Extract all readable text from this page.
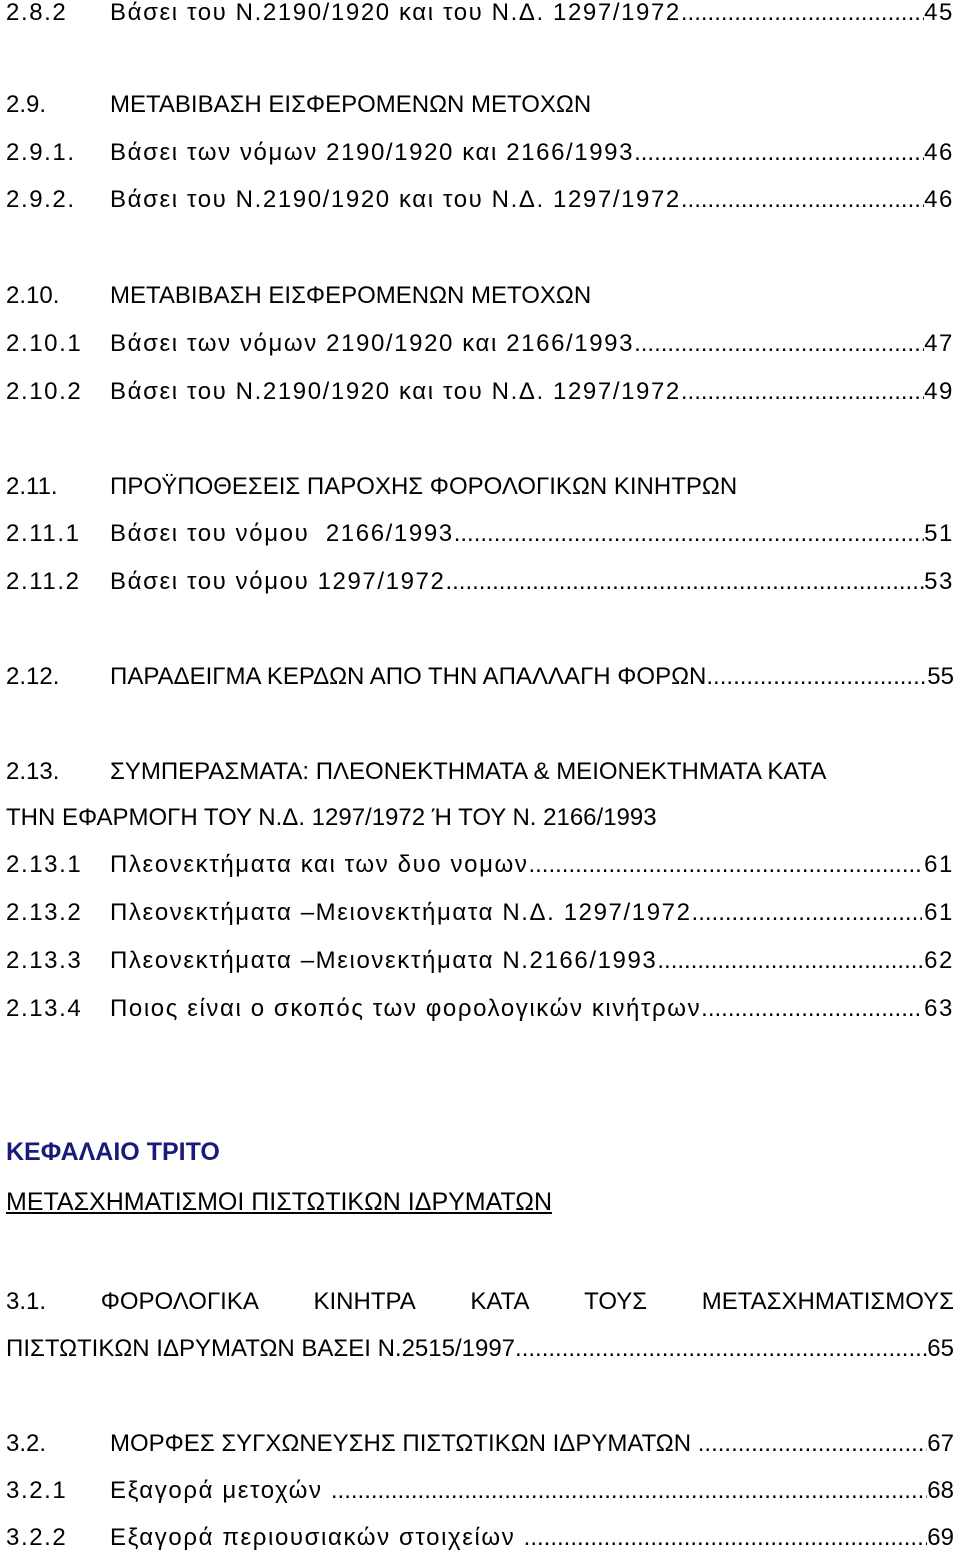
2.8.2	Βάσει του Ν.2190/1920 και του Ν.Δ. 1297/1972 .....	45
2.9.	ΜΕΤΑΒΙΒΑΣΗ ΕΙΣΦΕΡΟΜΕΝΩΝ ΜΕΤΟΧΩΝ
2.9.1.	Βάσει των νόμων 2190/1920 και 2166/1993 .....	46
2.9.2.	Βάσει του Ν.2190/1920 και του Ν.Δ. 1297/1972 .....	46
2.10.	ΜΕΤΑΒΙΒΑΣΗ ΕΙΣΦΕΡΟΜΕΝΩΝ ΜΕΤΟΧΩΝ
2.10.1	Βάσει των νόμων 2190/1920 και 2166/1993 .....	47
2.10.2	Βάσει του Ν.2190/1920 και του Ν.Δ. 1297/1972 .....	49
2.11.	ΠΡΟΫΠΟΘΕΣΕΙΣ ΠΑΡΟΧΗΣ ΦΟΡΟΛΟΓΙΚΩΝ ΚΙΝΗΤΡΩΝ
2.11.1	Βάσει του νόμου  2166/1993 .....	51
2.11.2	Βάσει του νόμου 1297/1972 .....	53
2.12.	ΠΑΡΑΔΕΙΓΜΑ ΚΕΡΔΩΝ ΑΠΟ ΤΗΝ ΑΠΑΛΛΑΓΗ ΦΟΡΩΝ .....	55
2.13.	ΣΥΜΠΕΡΑΣΜΑΤΑ: ΠΛΕΟΝΕΚΤΗΜΑΤΑ & ΜΕΙΟΝΕΚΤΗΜΑΤΑ ΚΑΤΑ
ΤΗΝ ΕΦΑΡΜΟΓΗ ΤΟΥ Ν.Δ. 1297/1972 Ή ΤΟΥ Ν. 2166/1993
2.13.1	Πλεονεκτήματα και των δυο νομων .....	61
2.13.2	Πλεονεκτήματα –Μειονεκτήματα Ν.Δ. 1297/1972 .....	61
2.13.3	Πλεονεκτήματα –Μειονεκτήματα Ν.2166/1993 .....	62
2.13.4	Ποιος είναι ο σκοπός των φορολογικών κινήτρων .....	63
ΚΕΦΑΛΑΙΟ ΤΡΙΤΟ
ΜΕΤΑΣΧΗΜΑΤΙΣΜΟΙ ΠΙΣΤΩΤΙΚΩΝ ΙΔΡΥΜΑΤΩΝ
3.1. ΦΟΡΟΛΟΓΙΚΑ ΚΙΝΗΤΡΑ ΚΑΤΑ ΤΟΥΣ ΜΕΤΑΣΧΗΜΑΤΙΣΜΟΥΣ
ΠΙΣΤΩΤΙΚΩΝ ΙΔΡΥΜΑΤΩΝ ΒΑΣΕΙ Ν.2515/1997 .....	65
3.2.	ΜΟΡΦΕΣ ΣΥΓΧΩΝΕΥΣΗΣ ΠΙΣΤΩΤΙΚΩΝ ΙΔΡΥΜΑΤΩΝ .....	67
3.2.1	Εξαγορά μετοχών .....	68
3.2.2	Εξαγορά περιουσιακών στοιχείων .....	69
